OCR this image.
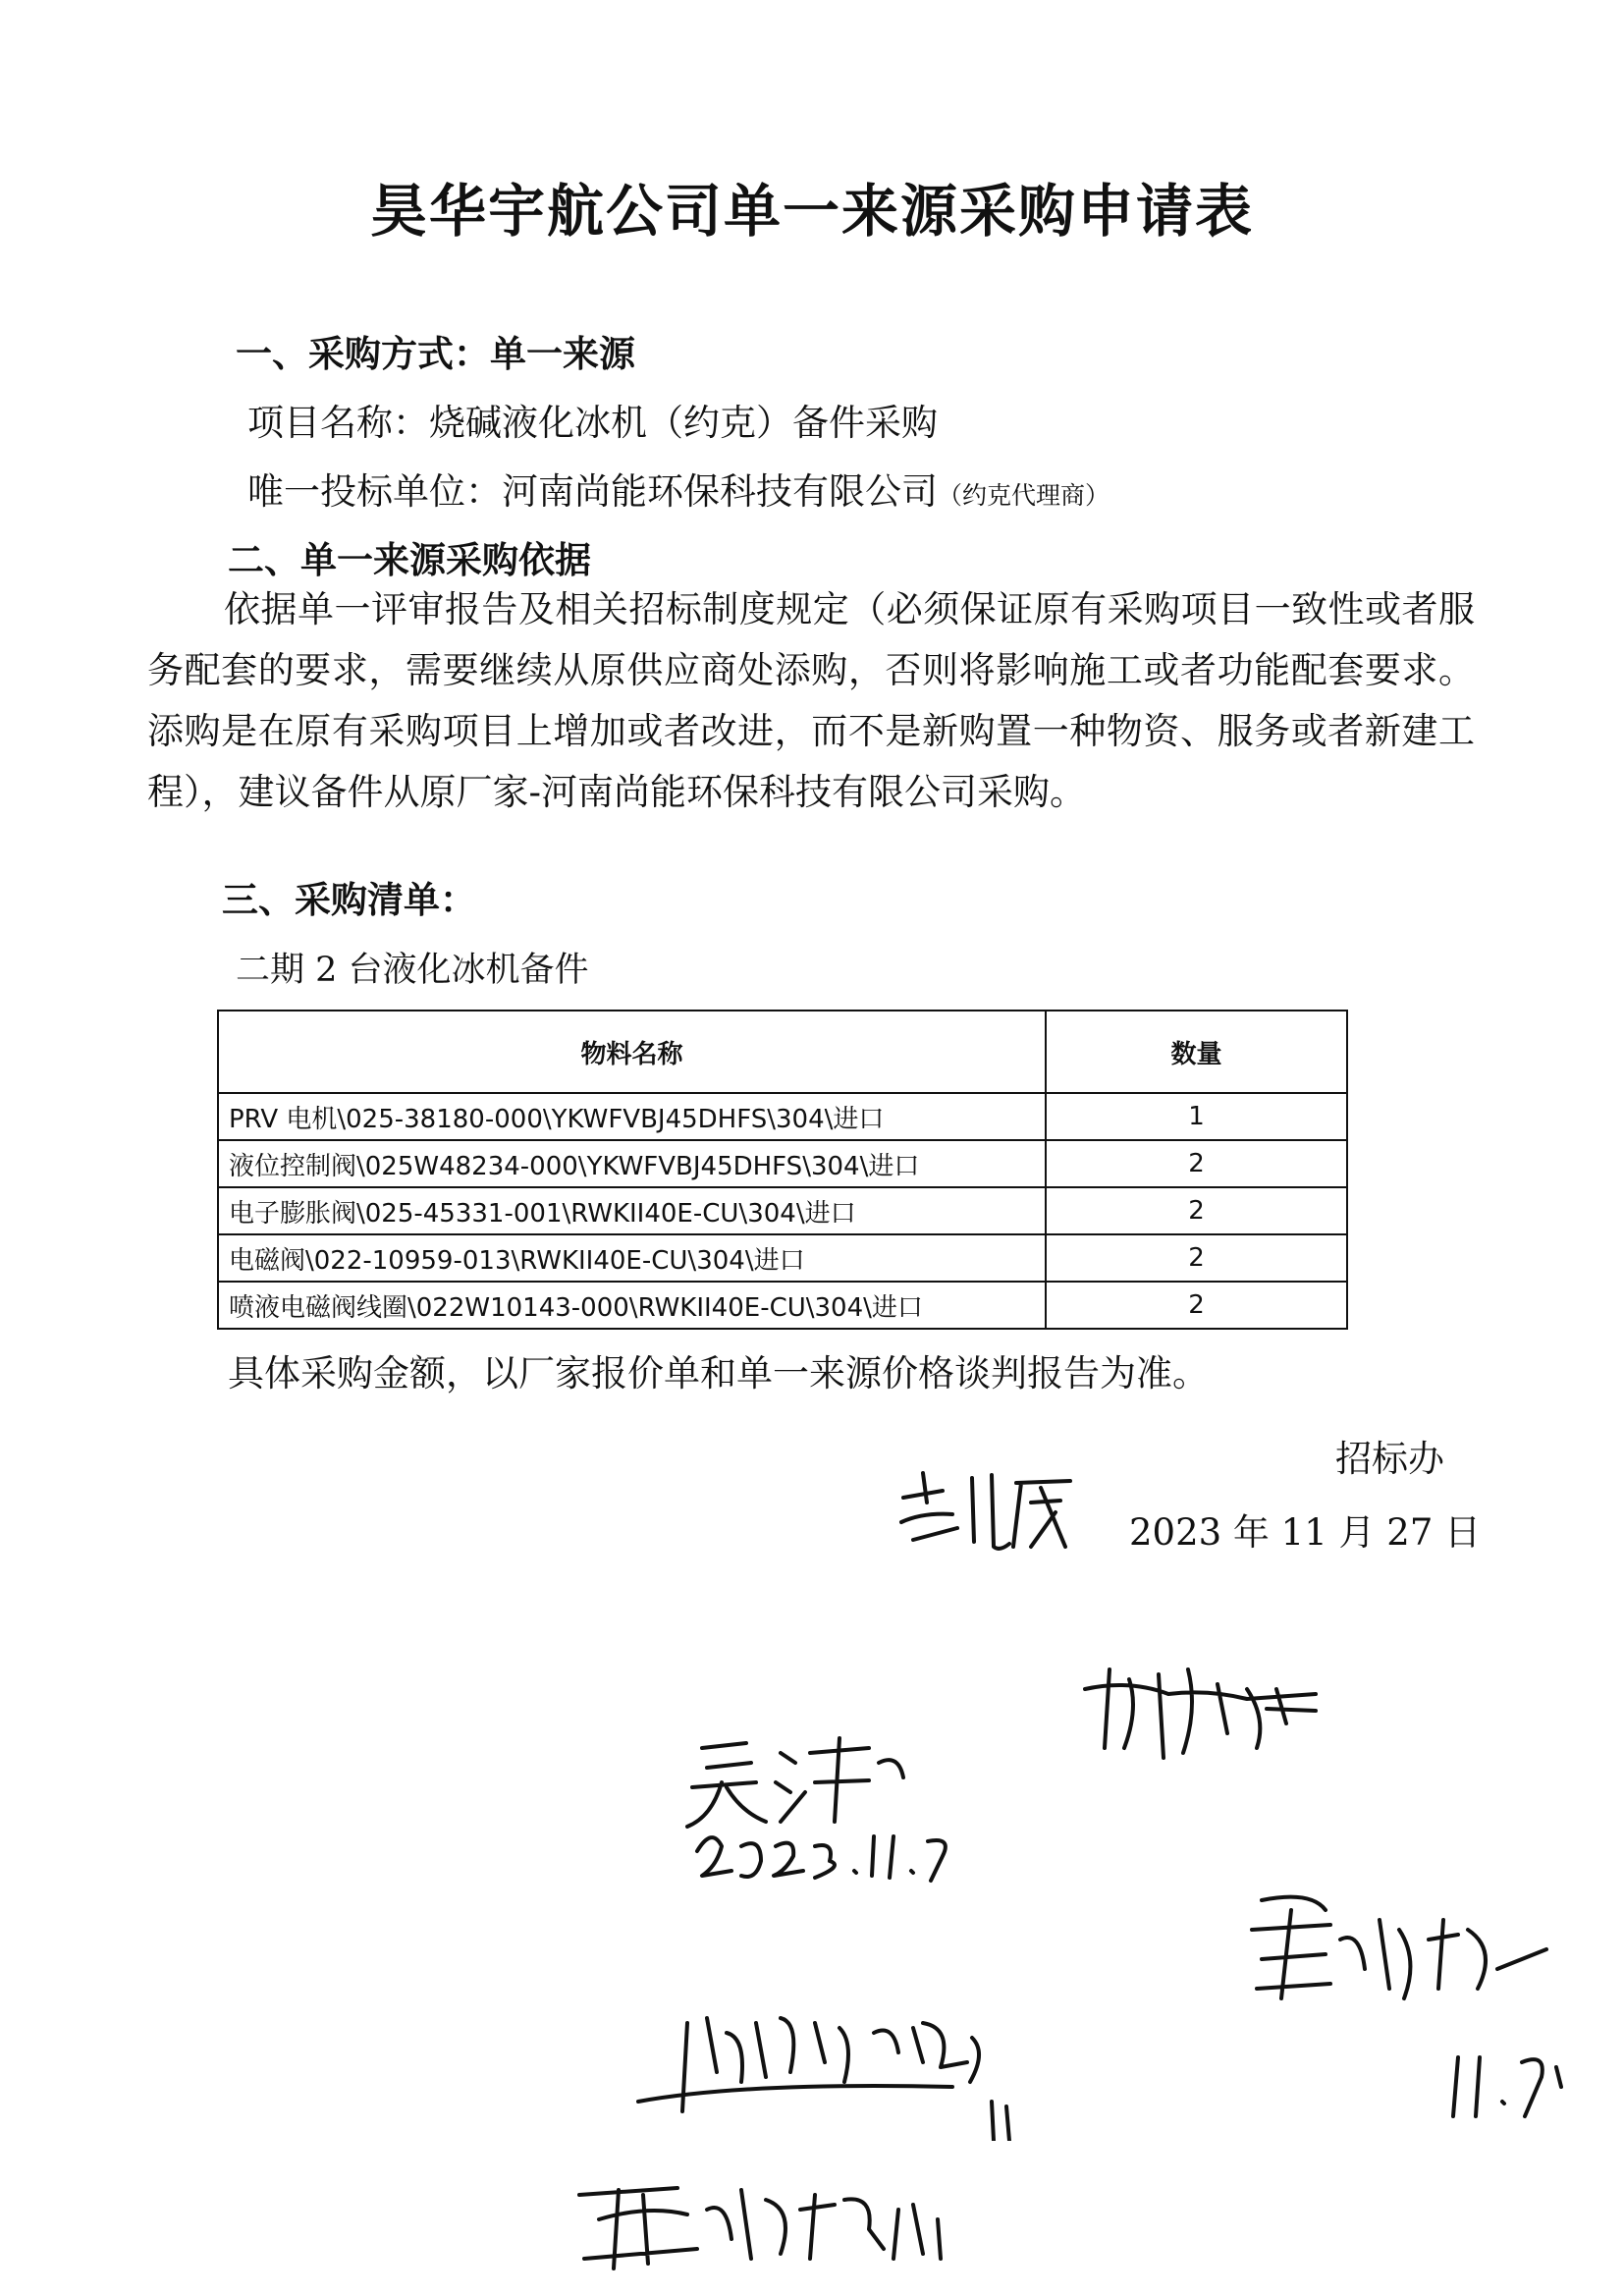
昊华宇航公司单一来源采购申请表
一、采购方式：单一来源
项目名称：烧碱液化冰机（约克）备件采购
唯一投标单位：河南尚能环保科技有限公司（约克代理商）
二、单一来源采购依据
依据单一评审报告及相关招标制度规定（必须保证原有采购项目一致性或者服务配套的要求，需要继续从原供应商处添购，否则将影响施工或者功能配套要求。添购是在原有采购项目上增加或者改进，而不是新购置一种物资、服务或者新建工程），建议备件从原厂家-河南尚能环保科技有限公司采购。
三、采购清单：
二期 2 台液化冰机备件
物料名称	数量
PRV 电机\025-38180-000\YKWFVBJ45DHFS\304\进口	1
液位控制阀\025W48234-000\YKWFVBJ45DHFS\304\进口	2
电子膨胀阀\025-45331-001\RWKII40E-CU\304\进口	2
电磁阀\022-10959-013\RWKII40E-CU\304\进口	2
喷液电磁阀线圈\022W10143-000\RWKII40E-CU\304\进口	2
具体采购金额，以厂家报价单和单一来源价格谈判报告为准。
招标办
2023 年 11 月 27 日
